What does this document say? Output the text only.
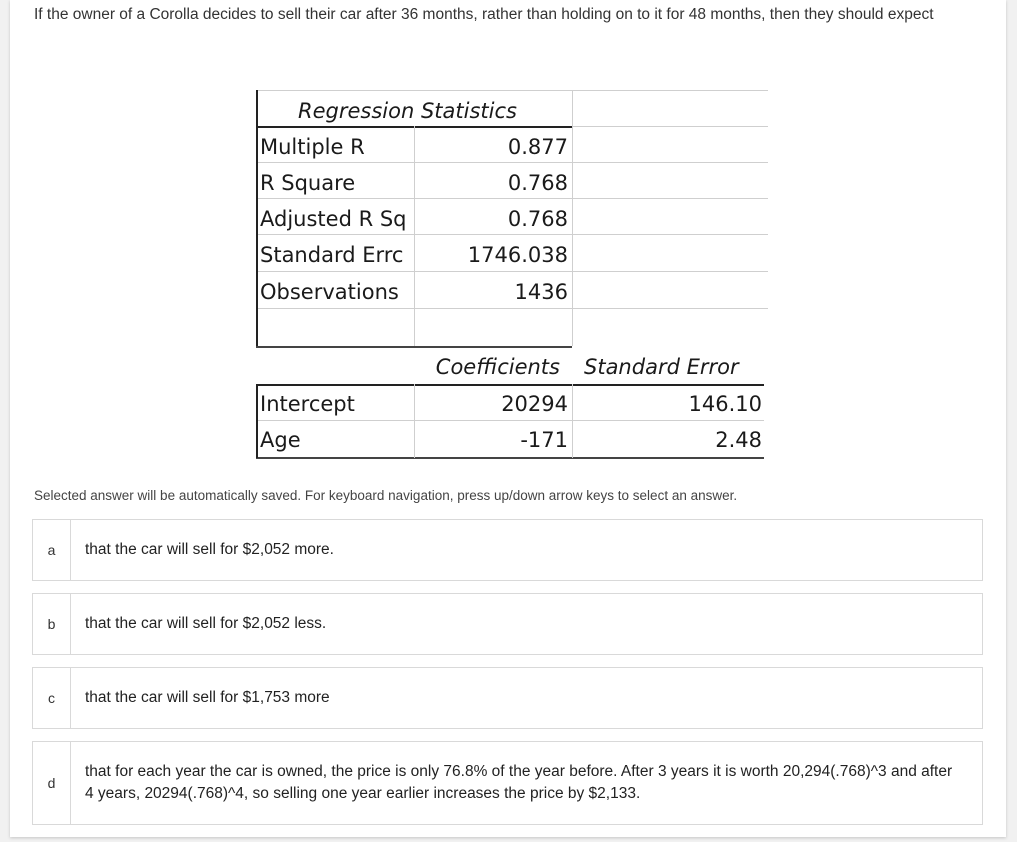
If the owner of a Corolla decides to sell their car after 36 months, rather than holding on to it for 48 months, then they should expect
Regression Statistics
Multiple R	0.877
R Square	0.768
Adjusted R Sq	0.768
Standard Errc	1746.038
Observations	1436
Coefficients Standard Error
Intercept	20294	146.10
Age	-171	2.48
Selected answer will be automatically saved. For keyboard navigation, press up/down arrow keys to select an answer.
a	that the car will sell for $2,052 more.
b	that the car will sell for $2,052 less.
c	that the car will sell for $1,753 more
d
that for each year the car is owned, the price is only 76.8% of the year before. After 3 years it is worth 20,294(.768)^3 and after 4 years, 20294(.768)^4, so selling one year earlier increases the price by $2,133.
